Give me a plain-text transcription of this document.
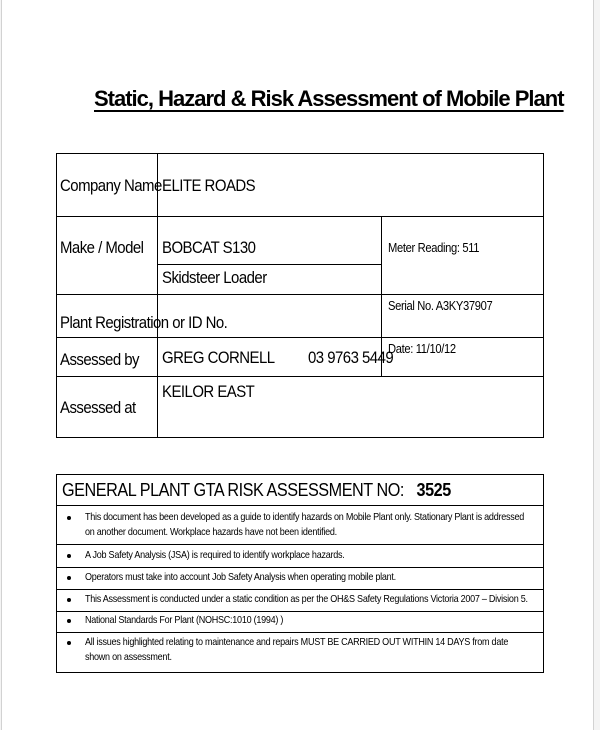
Static, Hazard & Risk Assessment of Mobile Plant
Company Name ELITE ROADS
Make / Model BOBCAT S130
Skidsteer Loader
Meter Reading: 511
Serial No. A3KY37907
Plant Registration or ID No.
Assessed by GREG CORNELL 03 9763 5449
Date: 11/10/12
KEILOR EAST
Assessed at
GENERAL PLANT GTA RISK ASSESSMENT NO: 3525
This document has been developed as a guide to identify hazards on Mobile Plant only. Stationary Plant is addressed on another document. Workplace hazards have not been identified.
A Job Safety Analysis (JSA) is required to identify workplace hazards.
Operators must take into account Job Safety Analysis when operating mobile plant.
This Assessment is conducted under a static condition as per the OH&S Safety Regulations Victoria 2007 – Division 5.
National Standards For Plant (NOHSC:1010 (1994) )
All issues highlighted relating to maintenance and repairs MUST BE CARRIED OUT WITHIN 14 DAYS from date shown on assessment.
